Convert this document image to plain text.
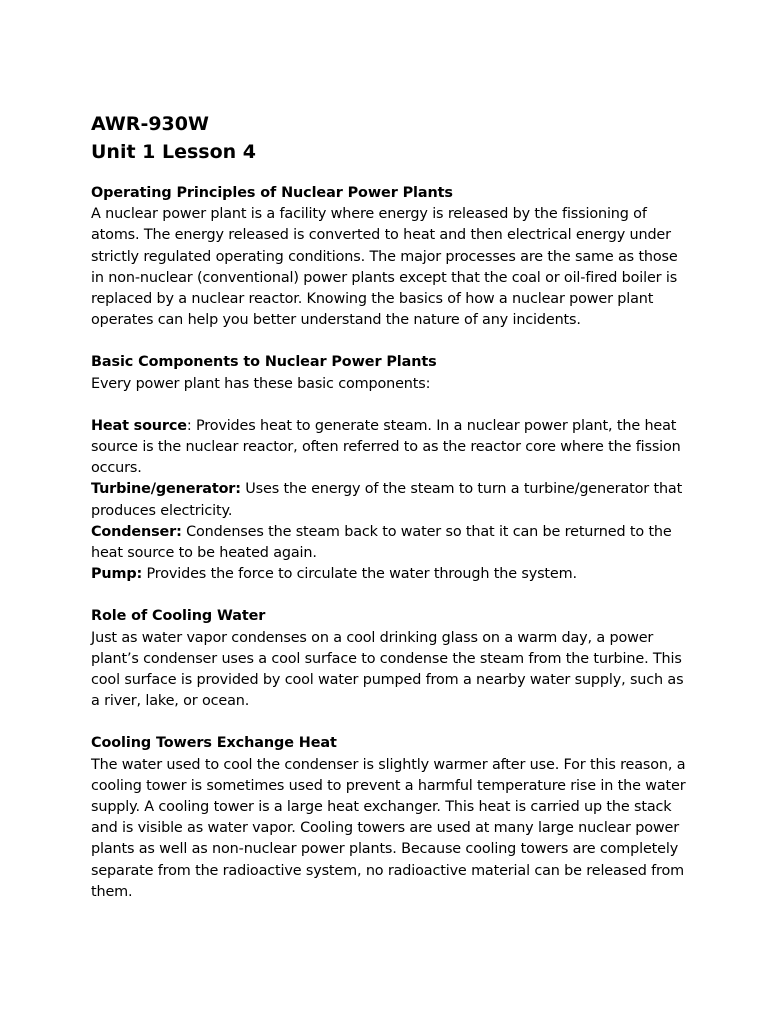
AWR-930W
Unit 1 Lesson 4
Operating Principles of Nuclear Power Plants

A nuclear power plant is a facility where energy is released by the fissioning of atoms. The energy released is converted to heat and then electrical energy under strictly regulated operating conditions. The major processes are the same as those in non-nuclear (conventional) power plants except that the coal or oil-fired boiler is replaced by a nuclear reactor. Knowing the basics of how a nuclear power plant operates can help you better understand the nature of any incidents.

Basic Components to Nuclear Power Plants

Every power plant has these basic components:

Heat source: Provides heat to generate steam. In a nuclear power plant, the heat source is the nuclear reactor, often referred to as the reactor core where the fission occurs.

Turbine/generator: Uses the energy of the steam to turn a turbine/generator that produces electricity.

Condenser: Condenses the steam back to water so that it can be returned to the heat source to be heated again.

Pump: Provides the force to circulate the water through the system.

Role of Cooling Water

Just as water vapor condenses on a cool drinking glass on a warm day, a power plant’s condenser uses a cool surface to condense the steam from the turbine. This cool surface is provided by cool water pumped from a nearby water supply, such as a river, lake, or ocean.

Cooling Towers Exchange Heat

The water used to cool the condenser is slightly warmer after use. For this reason, a cooling tower is sometimes used to prevent a harmful temperature rise in the water supply. A cooling tower is a large heat exchanger. This heat is carried up the stack and is visible as water vapor. Cooling towers are used at many large nuclear power plants as well as non-nuclear power plants. Because cooling towers are completely separate from the radioactive system, no radioactive material can be released from them.
